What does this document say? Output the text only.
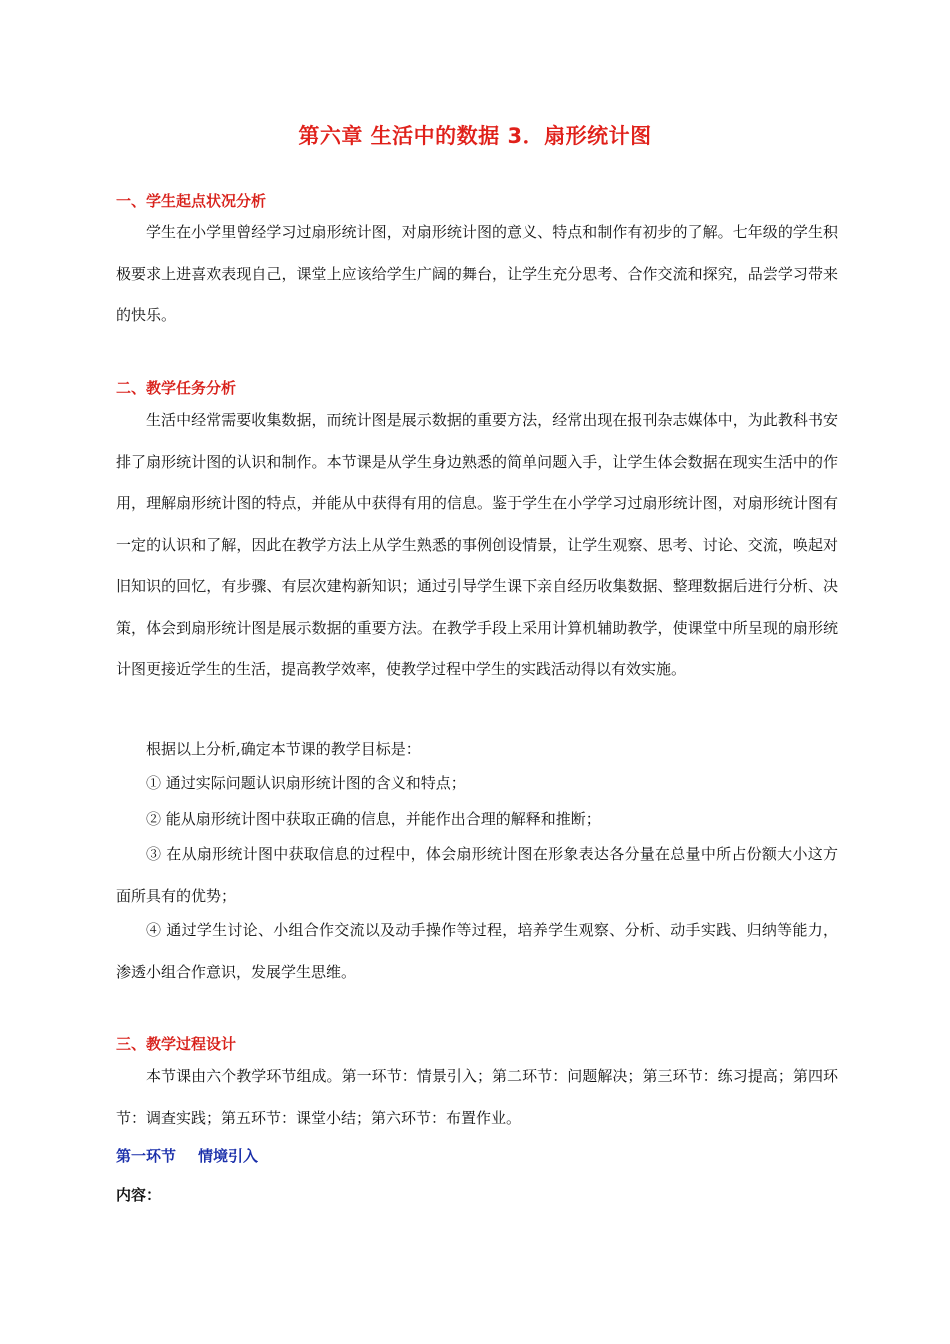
第六章 生活中的数据 3．扇形统计图
一、学生起点状况分析
学生在小学里曾经学习过扇形统计图，对扇形统计图的意义、特点和制作有初步的了解。七年级的学生积极要求上进喜欢表现自己，课堂上应该给学生广阔的舞台，让学生充分思考、合作交流和探究，品尝学习带来的快乐。
二、教学任务分析
生活中经常需要收集数据，而统计图是展示数据的重要方法，经常出现在报刊杂志媒体中，为此教科书安排了扇形统计图的认识和制作。本节课是从学生身边熟悉的简单问题入手，让学生体会数据在现实生活中的作用，理解扇形统计图的特点，并能从中获得有用的信息。鉴于学生在小学学习过扇形统计图，对扇形统计图有一定的认识和了解，因此在教学方法上从学生熟悉的事例创设情景，让学生观察、思考、讨论、交流，唤起对旧知识的回忆，有步骤、有层次建构新知识；通过引导学生课下亲自经历收集数据、整理数据后进行分析、决策，体会到扇形统计图是展示数据的重要方法。在教学手段上采用计算机辅助教学，使课堂中所呈现的扇形统计图更接近学生的生活，提高教学效率，使教学过程中学生的实践活动得以有效实施。
根据以上分析,确定本节课的教学目标是：
① 通过实际问题认识扇形统计图的含义和特点；
② 能从扇形统计图中获取正确的信息，并能作出合理的解释和推断；
③ 在从扇形统计图中获取信息的过程中，体会扇形统计图在形象表达各分量在总量中所占份额大小这方面所具有的优势；
④ 通过学生讨论、小组合作交流以及动手操作等过程，培养学生观察、分析、动手实践、归纳等能力，渗透小组合作意识，发展学生思维。
三、教学过程设计
本节课由六个教学环节组成。第一环节：情景引入；第二环节：问题解决；第三环节：练习提高；第四环节：调查实践；第五环节：课堂小结；第六环节：布置作业。
第一环节 情境引入
内容：
